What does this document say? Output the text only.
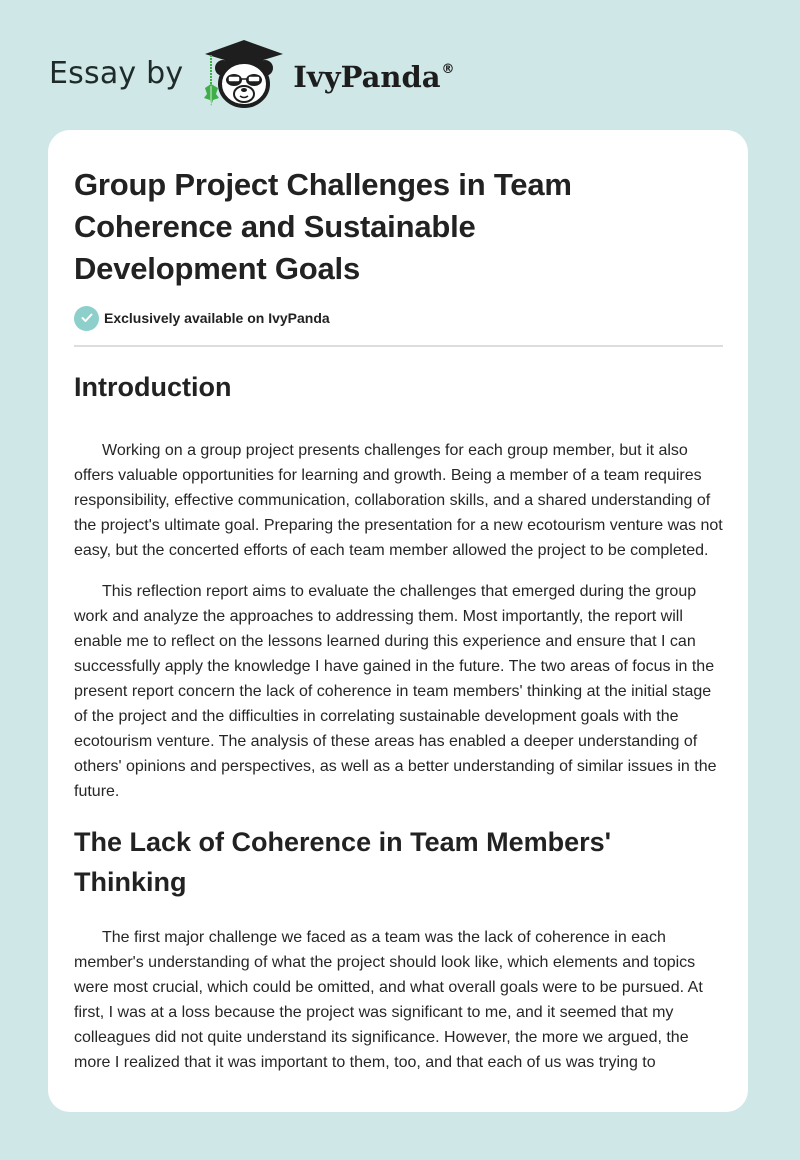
Essay by	IvyPanda®
Group Project Challenges in Team Coherence and Sustainable Development Goals
Exclusively available on IvyPanda
Introduction

Working on a group project presents challenges for each group member, but it also offers valuable opportunities for learning and growth. Being a member of a team requires responsibility, effective communication, collaboration skills, and a shared understanding of the project's ultimate goal. Preparing the presentation for a new ecotourism venture was not easy, but the concerted efforts of each team member allowed the project to be completed.

This reflection report aims to evaluate the challenges that emerged during the group work and analyze the approaches to addressing them. Most importantly, the report will enable me to reflect on the lessons learned during this experience and ensure that I can successfully apply the knowledge I have gained in the future. The two areas of focus in the present report concern the lack of coherence in team members' thinking at the initial stage of the project and the difficulties in correlating sustainable development goals with the ecotourism venture. The analysis of these areas has enabled a deeper understanding of others' opinions and perspectives, as well as a better understanding of similar issues in the future.

The Lack of Coherence in Team Members' Thinking

The first major challenge we faced as a team was the lack of coherence in each member's understanding of what the project should look like, which elements and topics were most crucial, which could be omitted, and what overall goals were to be pursued. At first, I was at a loss because the project was significant to me, and it seemed that my colleagues did not quite understand its significance. However, the more we argued, the more I realized that it was important to them, too, and that each of us was trying to
